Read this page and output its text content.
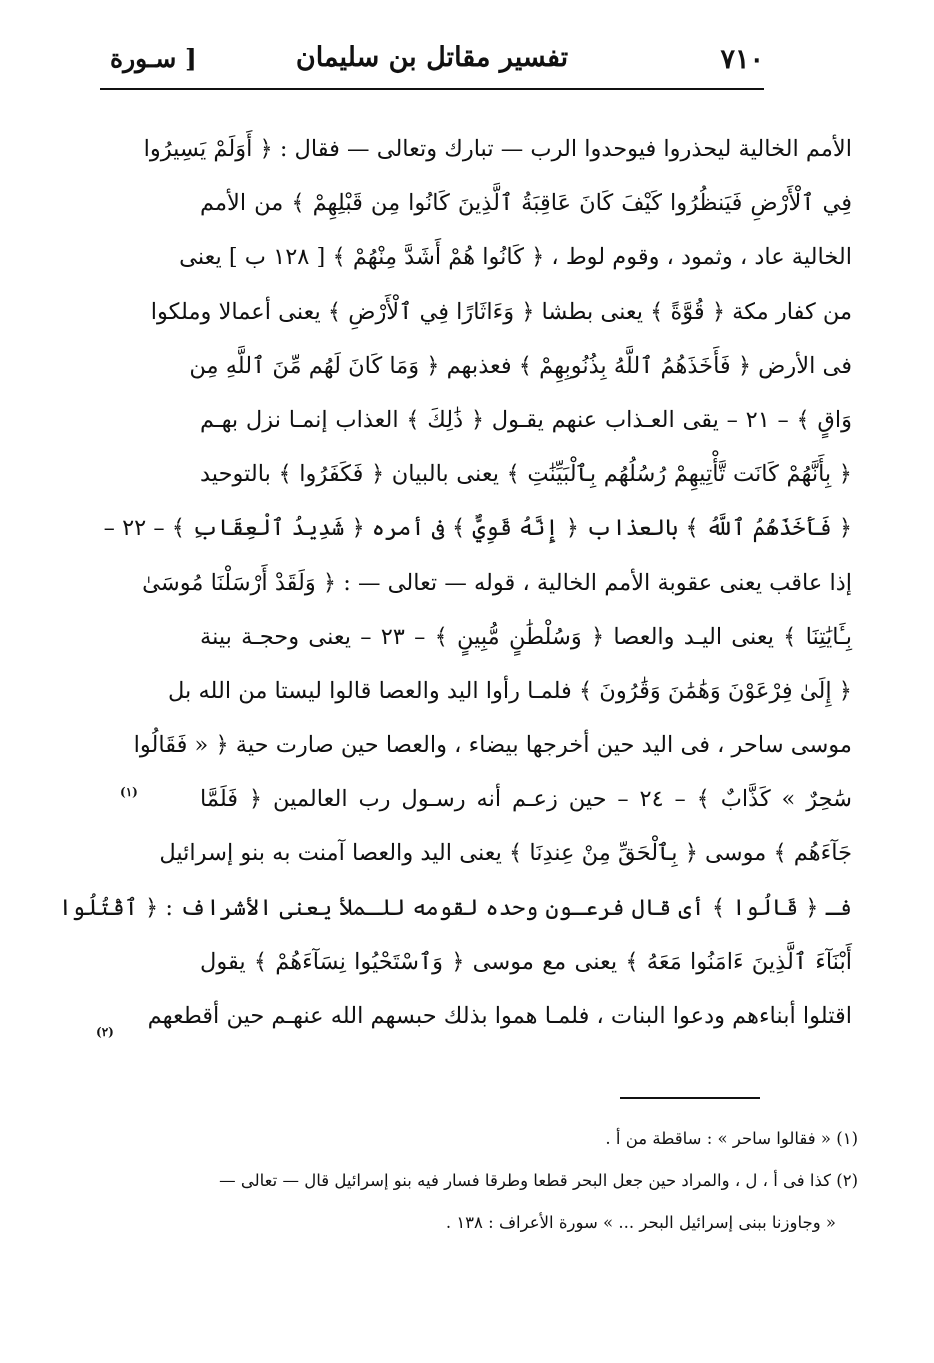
٧١٠
تفسير مقاتل بن سليمان
[ سـورة
الأمم الخالية ليحذروا فيوحدوا الرب — تبارك وتعالى — فقال : ﴿ أَوَلَمْ يَسِيرُوا
فِي ٱلْأَرْضِ فَيَنظُرُوا كَيْفَ كَانَ عَاقِبَةُ ٱلَّذِينَ كَانُوا مِن قَبْلِهِمْ ﴾ من الأمم
الخالية عاد ، وثمود ، وقوم لوط ، ﴿ كَانُوا هُمْ أَشَدَّ مِنْهُمْ ﴾ [ ١٢٨ ب ] يعنى
من كفار مكة ﴿ قُوَّةً ﴾ يعنى بطشا ﴿ وَءَاثَارًا فِي ٱلْأَرْضِ ﴾ يعنى أعمالا وملكوا
فى الأرض ﴿ فَأَخَذَهُمُ ٱللَّهُ بِذُنُوبِهِمْ ﴾ فعذبهم ﴿ وَمَا كَانَ لَهُم مِّنَ ٱللَّهِ مِن
وَاقٍ ﴾ – ٢١ – يقى العـذاب عنهم يقـول ﴿ ذَٰلِكَ ﴾ العذاب إنمـا نزل بهـم
﴿ بِأَنَّهُمْ كَانَت تَّأْتِيهِمْ رُسُلُهُم بِٱلْبَيِّنَٰتِ ﴾ يعنى بالبيان ﴿ فَكَفَرُوا ﴾ بالتوحيد
﴿ فَأَخَذَهُمُ ٱللَّهُ ﴾ بالعذاب ﴿ إِنَّهُ قَوِيٌّ ﴾ فى أمره ﴿ شَدِيدُ ٱلْعِقَابِ ﴾ – ٢٢ –
إذا عاقب يعنى عقوبة الأمم الخالية ، قوله — تعالى — : ﴿ وَلَقَدْ أَرْسَلْنَا مُوسَىٰ
بِـَٔايَٰتِنَا ﴾ يعنى اليـد والعصا ﴿ وَسُلْطَٰنٍ مُّبِينٍ ﴾ – ٢٣ – يعنى وحجـة بينة
﴿ إِلَىٰ فِرْعَوْنَ وَهَٰمَٰنَ وَقَٰرُونَ ﴾ فلمـا رأوا اليد والعصا قالوا ليستا من الله بل
موسى ساحر ، فى اليد حين أخرجها بيضاء ، والعصا حين صارت حية ﴿ « فَقَالُوا
سَٰحِرٌ » كَذَّابٌ ﴾ – ٢٤ – حين زعـم أنه رسـول رب العالمين ﴿ فَلَمَّا
جَآءَهُم ﴾ موسى ﴿ بِٱلْحَقِّ مِنْ عِندِنَا ﴾ يعنى اليد والعصا آمنت به بنو إسرائيل
فـ ﴿ قَالُوا ﴾ أى قال فرعـون وحده لقومه للـملأ يعنى الأشراف : ﴿ ٱقْتُلُوا
أَبْنَآءَ ٱلَّذِينَ ءَامَنُوا مَعَهُ ﴾ يعنى مع موسى ﴿ وَٱسْتَحْيُوا نِسَآءَهُمْ ﴾ يقول
اقتلوا أبناءهم ودعوا البنات ، فلمـا هموا بذلك حبسهم الله عنهـم حين أقطعهم
(١)
(٢)
(١) « فقالوا ساحر » : ساقطة من أ .
(٢) كذا فى أ ، ل ، والمراد حين جعل البحر قطعا وطرقا فسار فيه بنو إسرائيل قال — تعالى —
« وجاوزنا ببنى إسرائيل البحر ... » سورة الأعراف : ١٣٨ .
